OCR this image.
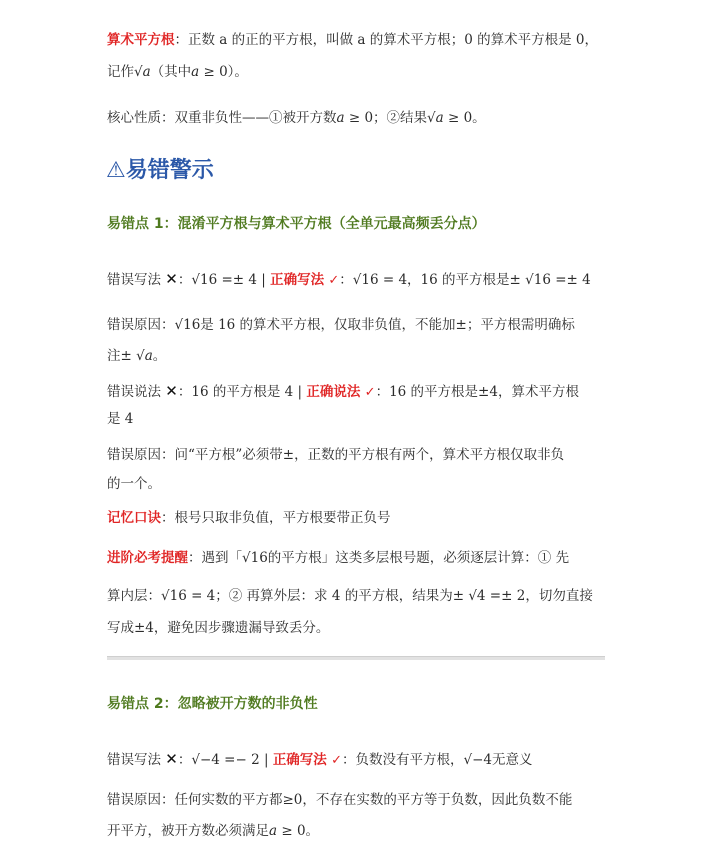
算术平方根：正数 a 的正的平方根，叫做 a 的算术平方根；0 的算术平方根是 0，

记作√𝑎（其中𝑎 ≥ 0）。

核心性质：双重非负性——①被开方数𝑎 ≥ 0；②结果√𝑎 ≥ 0。

⚠易错警示
易错点 1：混淆平方根与算术平方根（全单元最高频丢分点）

错误写法 ✕：√16 =± 4 | 正确写法 ✓：√16 = 4，16 的平方根是± √16 =± 4

错误原因：√16是 16 的算术平方根，仅取非负值，不能加±；平方根需明确标

注± √𝑎。

错误说法 ✕：16 的平方根是 4 | 正确说法 ✓：16 的平方根是±4，算术平方根

是 4

错误原因：问“平方根”必须带±，正数的平方根有两个，算术平方根仅取非负

的一个。

记忆口诀：根号只取非负值，平方根要带正负号

进阶必考提醒：遇到「√16的平方根」这类多层根号题，必须逐层计算：① 先

算内层：√16 = 4；② 再算外层：求 4 的平方根，结果为± √4 =± 2，切勿直接

写成±4，避免因步骤遗漏导致丢分。

易错点 2：忽略被开方数的非负性

错误写法 ✕：√−4 =− 2 | 正确写法 ✓：负数没有平方根，√−4无意义

错误原因：任何实数的平方都≥0，不存在实数的平方等于负数，因此负数不能

开平方，被开方数必须满足𝑎 ≥ 0。
